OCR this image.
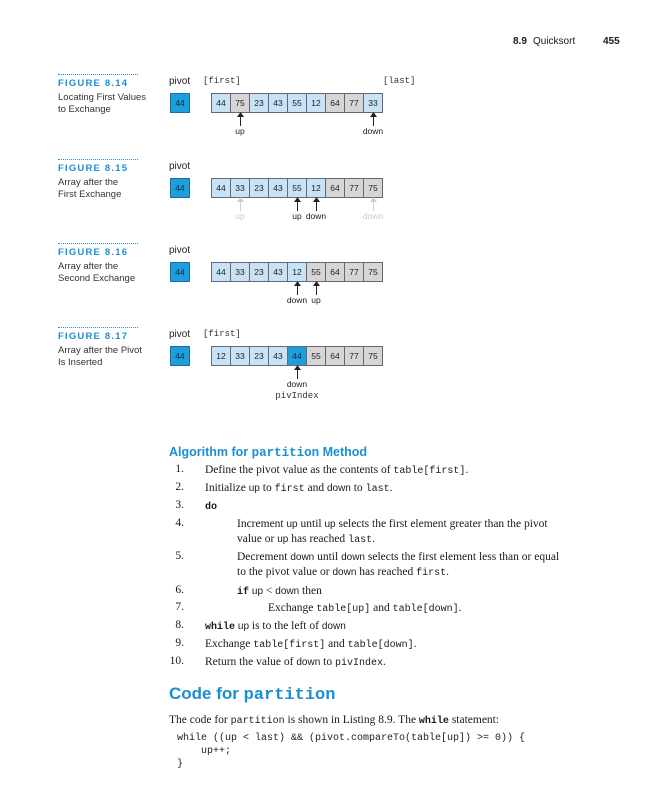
8.9 Quicksort	455
FIGURE 8.14
Locating First Values
to Exchange
pivot [first]	[last]
44	44	75	23	43	55	12	64	77	33
up	down
FIGURE 8.15
Array after the
First Exchange
pivot
44	44	33	23	43	55	12	64	77	75
up	up down	down
FIGURE 8.16
Array after the
Second Exchange
pivot
44	44	33	23	43	12	55	64	77	75
down up
FIGURE 8.17
Array after the Pivot
Is Inserted
pivot [first]
44	12	33	23	43	44	55	64	77	75
down
pivIndex
Algorithm for partition Method
1. Define the pivot value as the contents of table[first].
2. Initialize up to first and down to last.
3. do
4.	Increment up until up selects the first element greater than the pivot
value or up has reached last.
5.	Decrement down until down selects the first element less than or equal
to the pivot value or down has reached first.
6.	if up < down then
7.	Exchange table[up] and table[down].
8. while up is to the left of down
9. Exchange table[first] and table[down].
10. Return the value of down to pivIndex.
Code for partition
The code for partition is shown in Listing 8.9. The while statement:
while ((up < last) && (pivot.compareTo(table[up]) >= 0)) {
up++;
}
